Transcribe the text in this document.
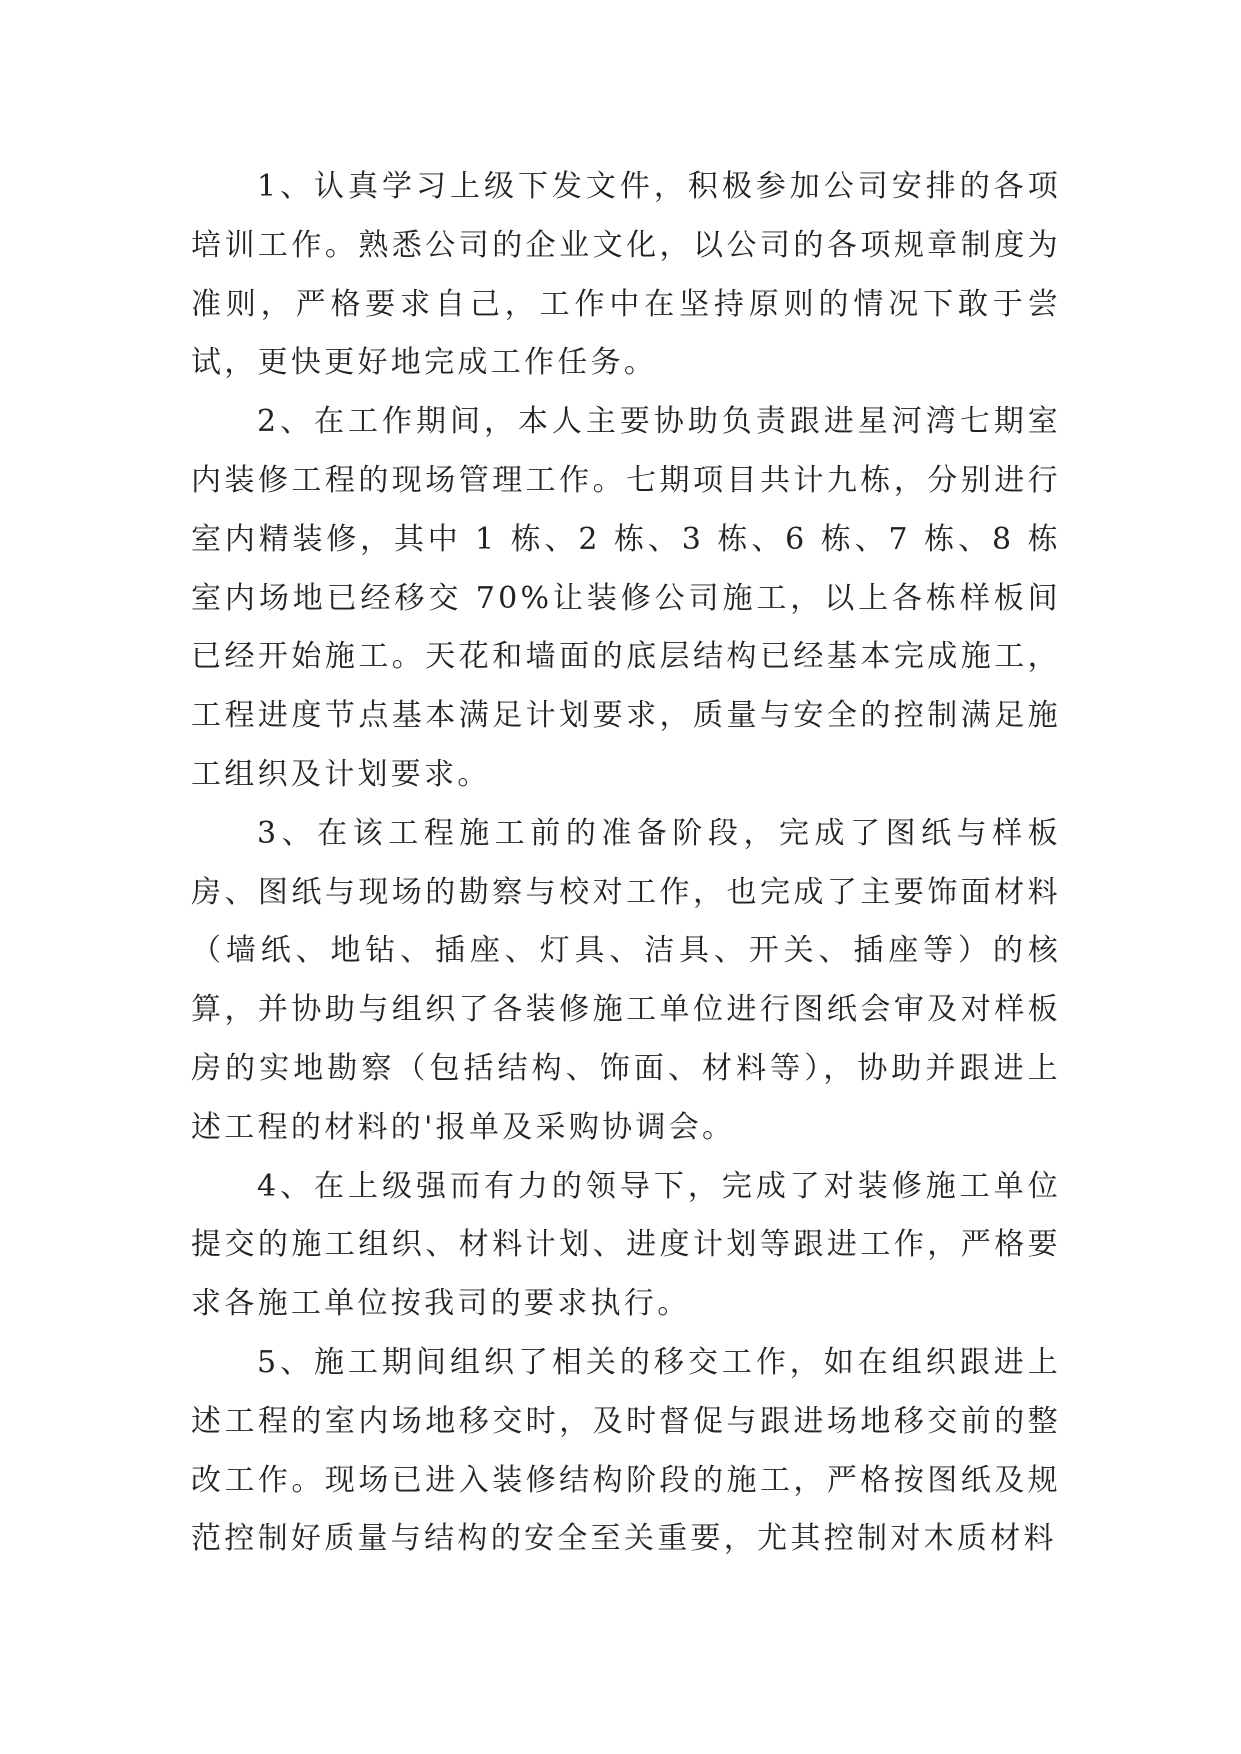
1、认真学习上级下发文件，积极参加公司安排的各项培训工作。熟悉公司的企业文化，以公司的各项规章制度为准则，严格要求自己，工作中在坚持原则的情况下敢于尝试，更快更好地完成工作任务。

2、在工作期间，本人主要协助负责跟进星河湾七期室内装修工程的现场管理工作。七期项目共计九栋，分别进行室内精装修，其中 1 栋、2 栋、3 栋、6 栋、7 栋、8 栋室内场地已经移交 70%让装修公司施工，以上各栋样板间已经开始施工。天花和墙面的底层结构已经基本完成施工，工程进度节点基本满足计划要求，质量与安全的控制满足施工组织及计划要求。

3、在该工程施工前的准备阶段，完成了图纸与样板房、图纸与现场的勘察与校对工作，也完成了主要饰面材料（墙纸、地钻、插座、灯具、洁具、开关、插座等）的核算，并协助与组织了各装修施工单位进行图纸会审及对样板房的实地勘察（包括结构、饰面、材料等），协助并跟进上述工程的材料的'报单及采购协调会。

4、在上级强而有力的领导下，完成了对装修施工单位提交的施工组织、材料计划、进度计划等跟进工作，严格要求各施工单位按我司的要求执行。

5、施工期间组织了相关的移交工作，如在组织跟进上述工程的室内场地移交时，及时督促与跟进场地移交前的整改工作。现场已进入装修结构阶段的施工，严格按图纸及规范控制好质量与结构的安全至关重要，尤其控制对木质材料
